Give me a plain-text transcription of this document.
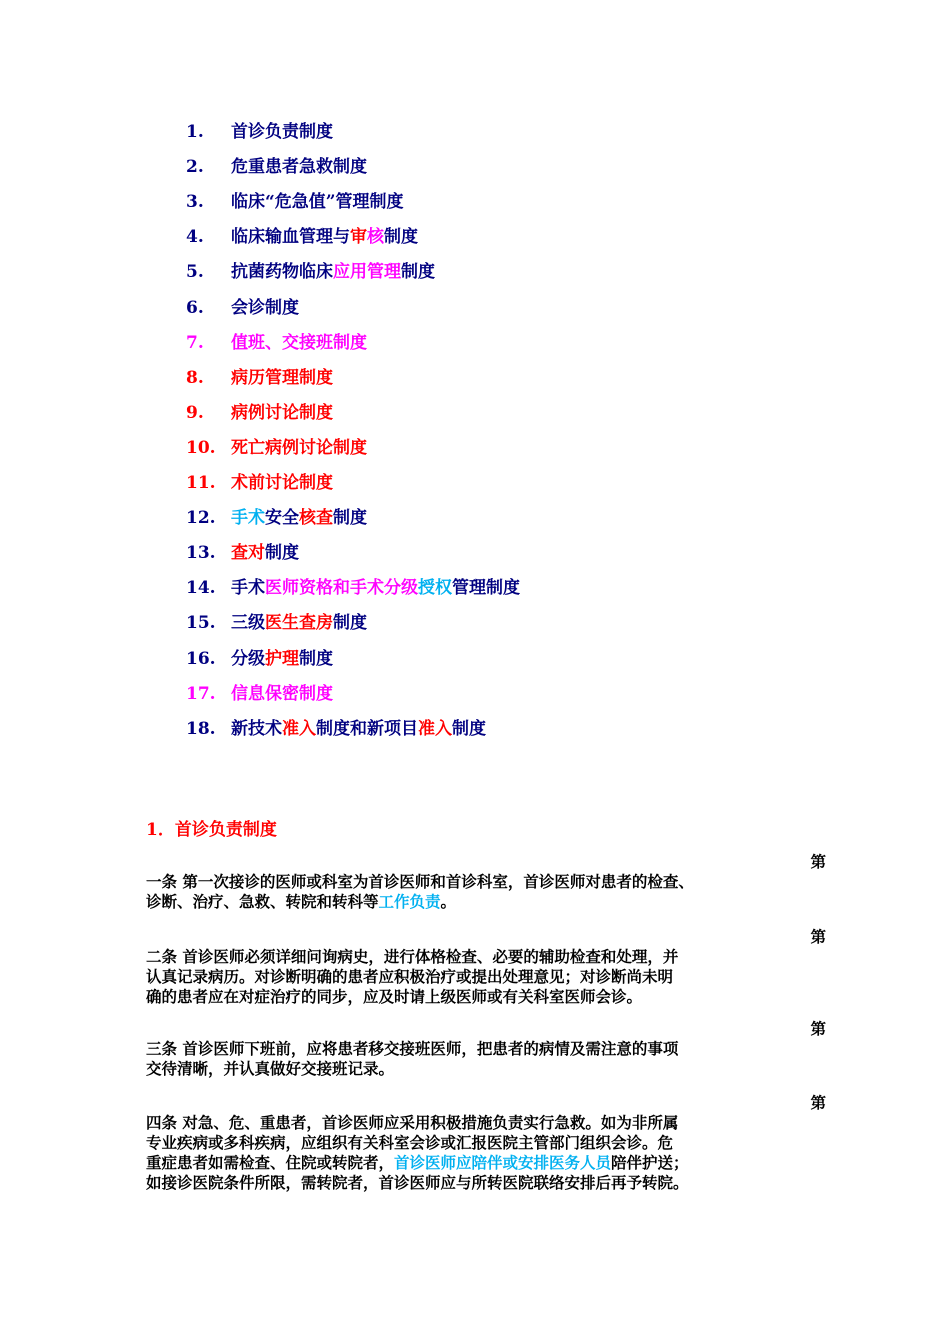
1. 首诊负责制度
2. 危重患者急救制度
3. 临床“危急值”管理制度
4. 临床输血管理与审核制度
5. 抗菌药物临床应用管理制度
6. 会诊制度
7. 值班、交接班制度
8. 病历管理制度
9. 病例讨论制度
10. 死亡病例讨论制度
11. 术前讨论制度
12. 手术安全核查制度
13. 查对制度
14. 手术医师资格和手术分级授权管理制度
15. 三级医生查房制度
16. 分级护理制度
17. 信息保密制度
18. 新技术准入制度和新项目准入制度
1．首诊负责制度
第
一条 第一次接诊的医师或科室为首诊医师和首诊科室，首诊医师对患者的检查、
诊断、治疗、急救、转院和转科等工作负责。
第
二条 首诊医师必须详细问询病史，进行体格检查、必要的辅助检查和处理，并
认真记录病历。对诊断明确的患者应积极治疗或提出处理意见；对诊断尚未明
确的患者应在对症治疗的同步，应及时请上级医师或有关科室医师会诊。
第
三条 首诊医师下班前，应将患者移交接班医师，把患者的病情及需注意的事项
交待清晰，并认真做好交接班记录。
第
四条 对急、危、重患者，首诊医师应采用积极措施负责实行急救。如为非所属
专业疾病或多科疾病，应组织有关科室会诊或汇报医院主管部门组织会诊。危
重症患者如需检查、住院或转院者，首诊医师应陪伴或安排医务人员陪伴护送；
如接诊医院条件所限，需转院者，首诊医师应与所转医院联络安排后再予转院。
